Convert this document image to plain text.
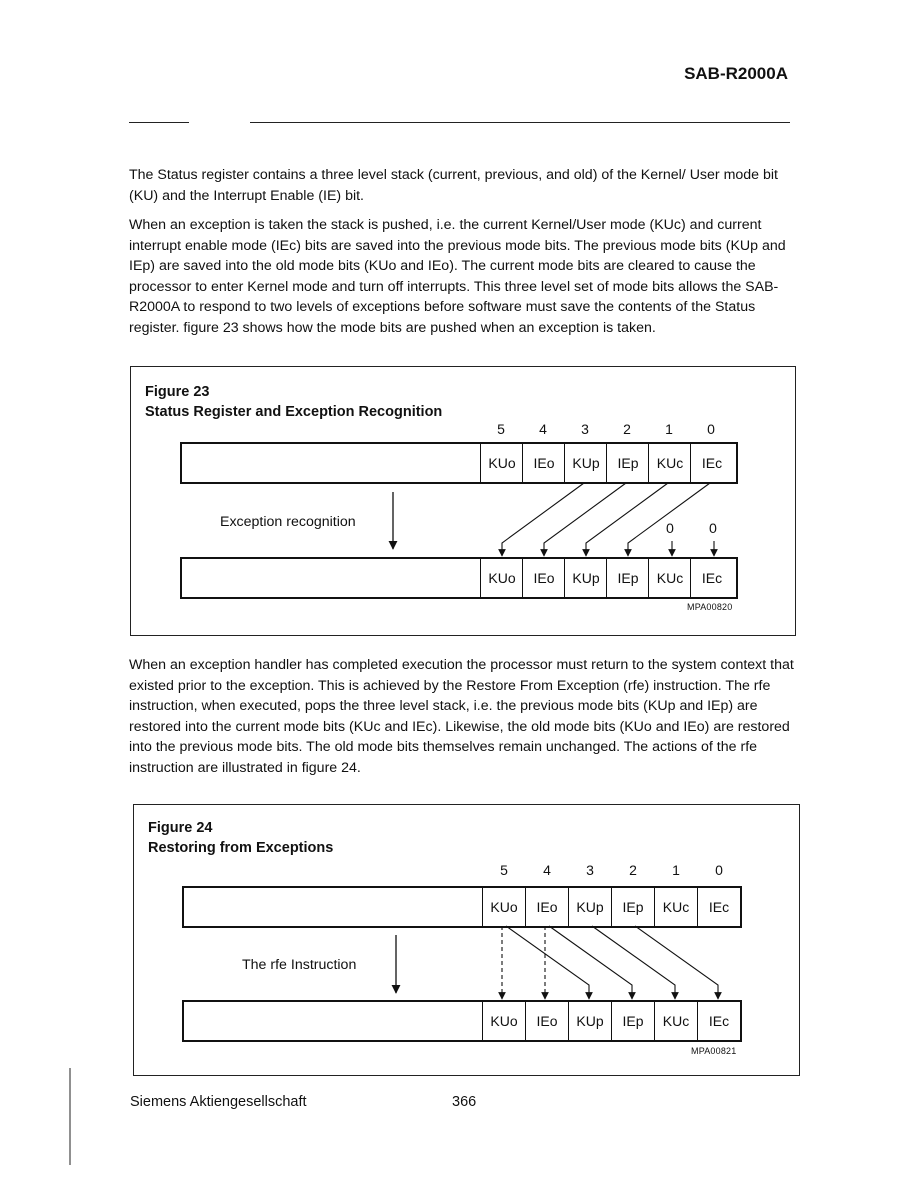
SAB-R2000A

The Status register contains a three level stack (current, previous, and old) of the Kernel/ User mode bit (KU) and the Interrupt Enable (IE) bit.

When an exception is taken the stack is pushed, i.e. the current Kernel/User mode (KUc) and current interrupt enable mode (IEc) bits are saved into the previous mode bits. The previous mode bits (KUp and IEp) are saved into the old mode bits (KUo and IEo). The current mode bits are cleared to cause the processor to enter Kernel mode and turn off interrupts. This three level set of mode bits allows the SAB-R2000A to respond to two levels of exceptions before software must save the contents of the Status register. figure 23 shows how the mode bits are pushed when an exception is taken.

Figure 23
Status Register and Exception Recognition
5	4	3	2	1	0
KUo	IEo	KUp	IEp	KUc	IEc
Exception recognition	0 0
KUo	IEo	KUp	IEp	KUc	IEc
MPA00820

When an exception handler has completed execution the processor must return to the system context that existed prior to the exception. This is achieved by the Restore From Exception (rfe) instruction. The rfe instruction, when executed, pops the three level stack, i.e. the previous mode bits (KUp and IEp) are restored into the current mode bits (KUc and IEc). Likewise, the old mode bits (KUo and IEo) are restored into the previous mode bits. The old mode bits themselves remain unchanged. The actions of the rfe instruction are illustrated in figure 24.

Figure 24
Restoring from Exceptions
5	4	3	2	1	0
KUo	IEo	KUp	IEp	KUc	IEc
The rfe Instruction
KUo	IEo	KUp	IEp	KUc	IEc
MPA00821
Siemens Aktiengesellschaft	366
